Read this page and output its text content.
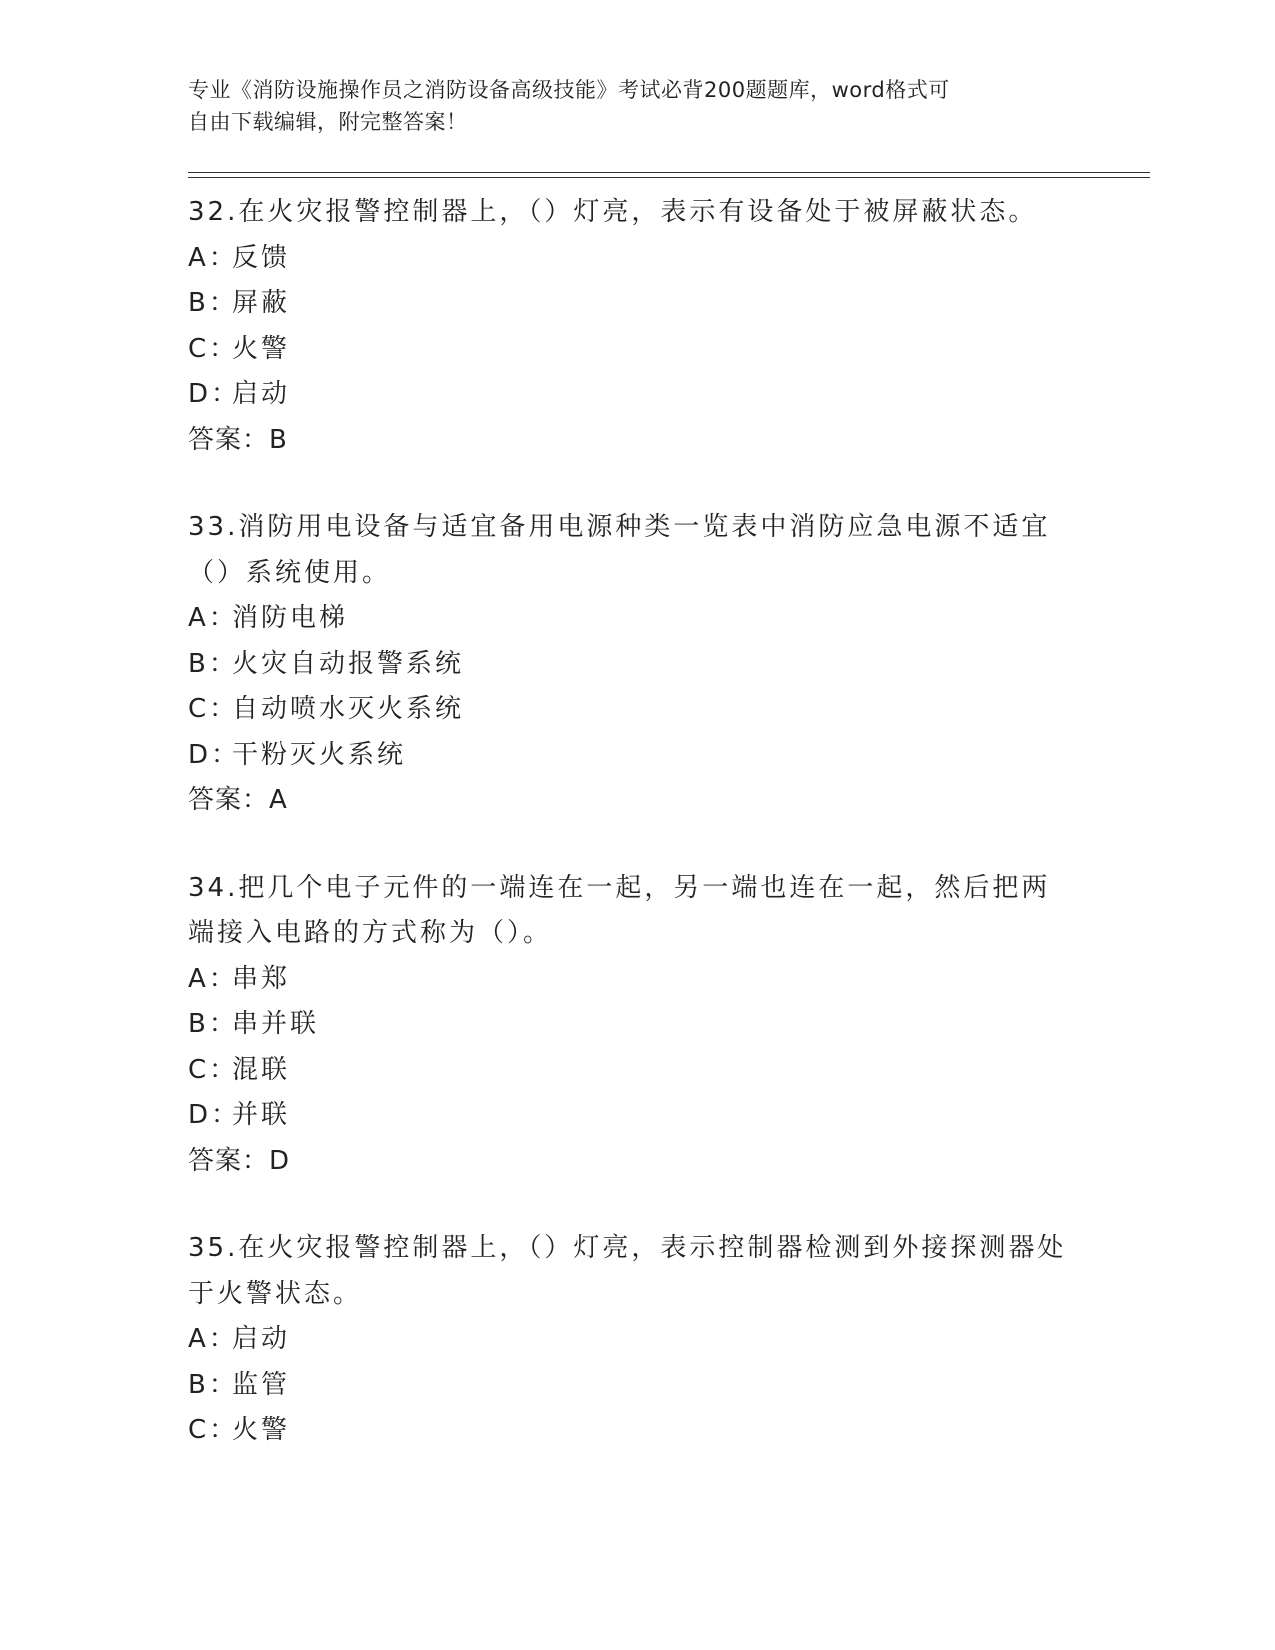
专业《消防设施操作员之消防设备高级技能》考试必背200题题库，word格式可
自由下载编辑，附完整答案！
32.在火灾报警控制器上，（）灯亮，表示有设备处于被屏蔽状态。
A：反馈
B：屏蔽
C：火警
D：启动
答案：B
33.消防用电设备与适宜备用电源种类一览表中消防应急电源不适宜（）系统使用。
A：消防电梯
B：火灾自动报警系统
C：自动喷水灭火系统
D：干粉灭火系统
答案：A
34.把几个电子元件的一端连在一起，另一端也连在一起，然后把两端接入电路的方式称为（）。
A：串郑
B：串并联
C：混联
D：并联
答案：D
35.在火灾报警控制器上，（）灯亮，表示控制器检测到外接探测器处于火警状态。
A：启动
B：监管
C：火警
